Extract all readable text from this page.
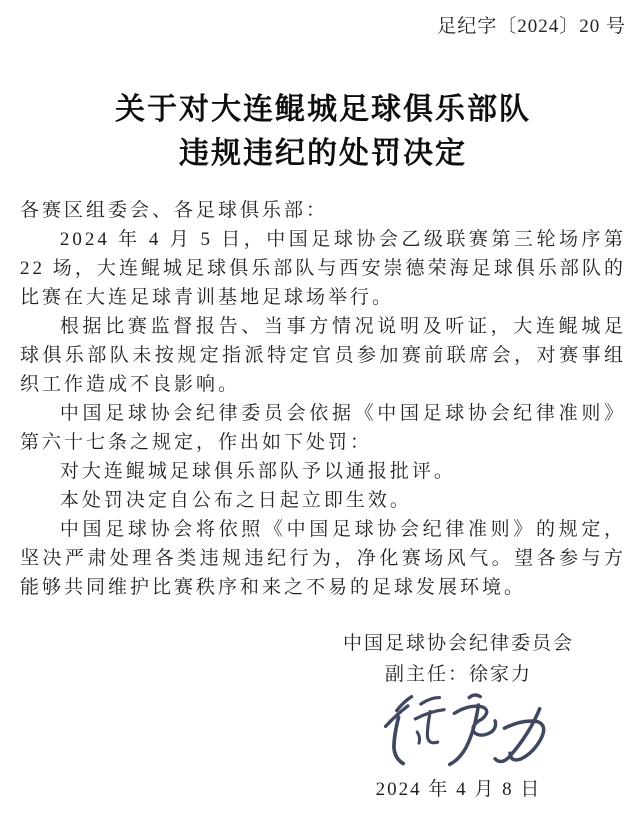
足纪字〔2024〕20 号
关于对大连鲲城足球俱乐部队
违规违纪的处罚决定

各赛区组委会、各足球俱乐部：

2024 年 4 月 5 日，中国足球协会乙级联赛第三轮场序第 22 场，大连鲲城足球俱乐部队与西安崇德荣海足球俱乐部队的比赛在大连足球青训基地足球场举行。

根据比赛监督报告、当事方情况说明及听证，大连鲲城足球俱乐部队未按规定指派特定官员参加赛前联席会，对赛事组织工作造成不良影响。

中国足球协会纪律委员会依据《中国足球协会纪律准则》第六十七条之规定，作出如下处罚：

对大连鲲城足球俱乐部队予以通报批评。

本处罚决定自公布之日起立即生效。

中国足球协会将依照《中国足球协会纪律准则》的规定，坚决严肃处理各类违规违纪行为，净化赛场风气。望各参与方能够共同维护比赛秩序和来之不易的足球发展环境。

中国足球协会纪律委员会
副主任：徐家力
2024 年 4 月 8 日
